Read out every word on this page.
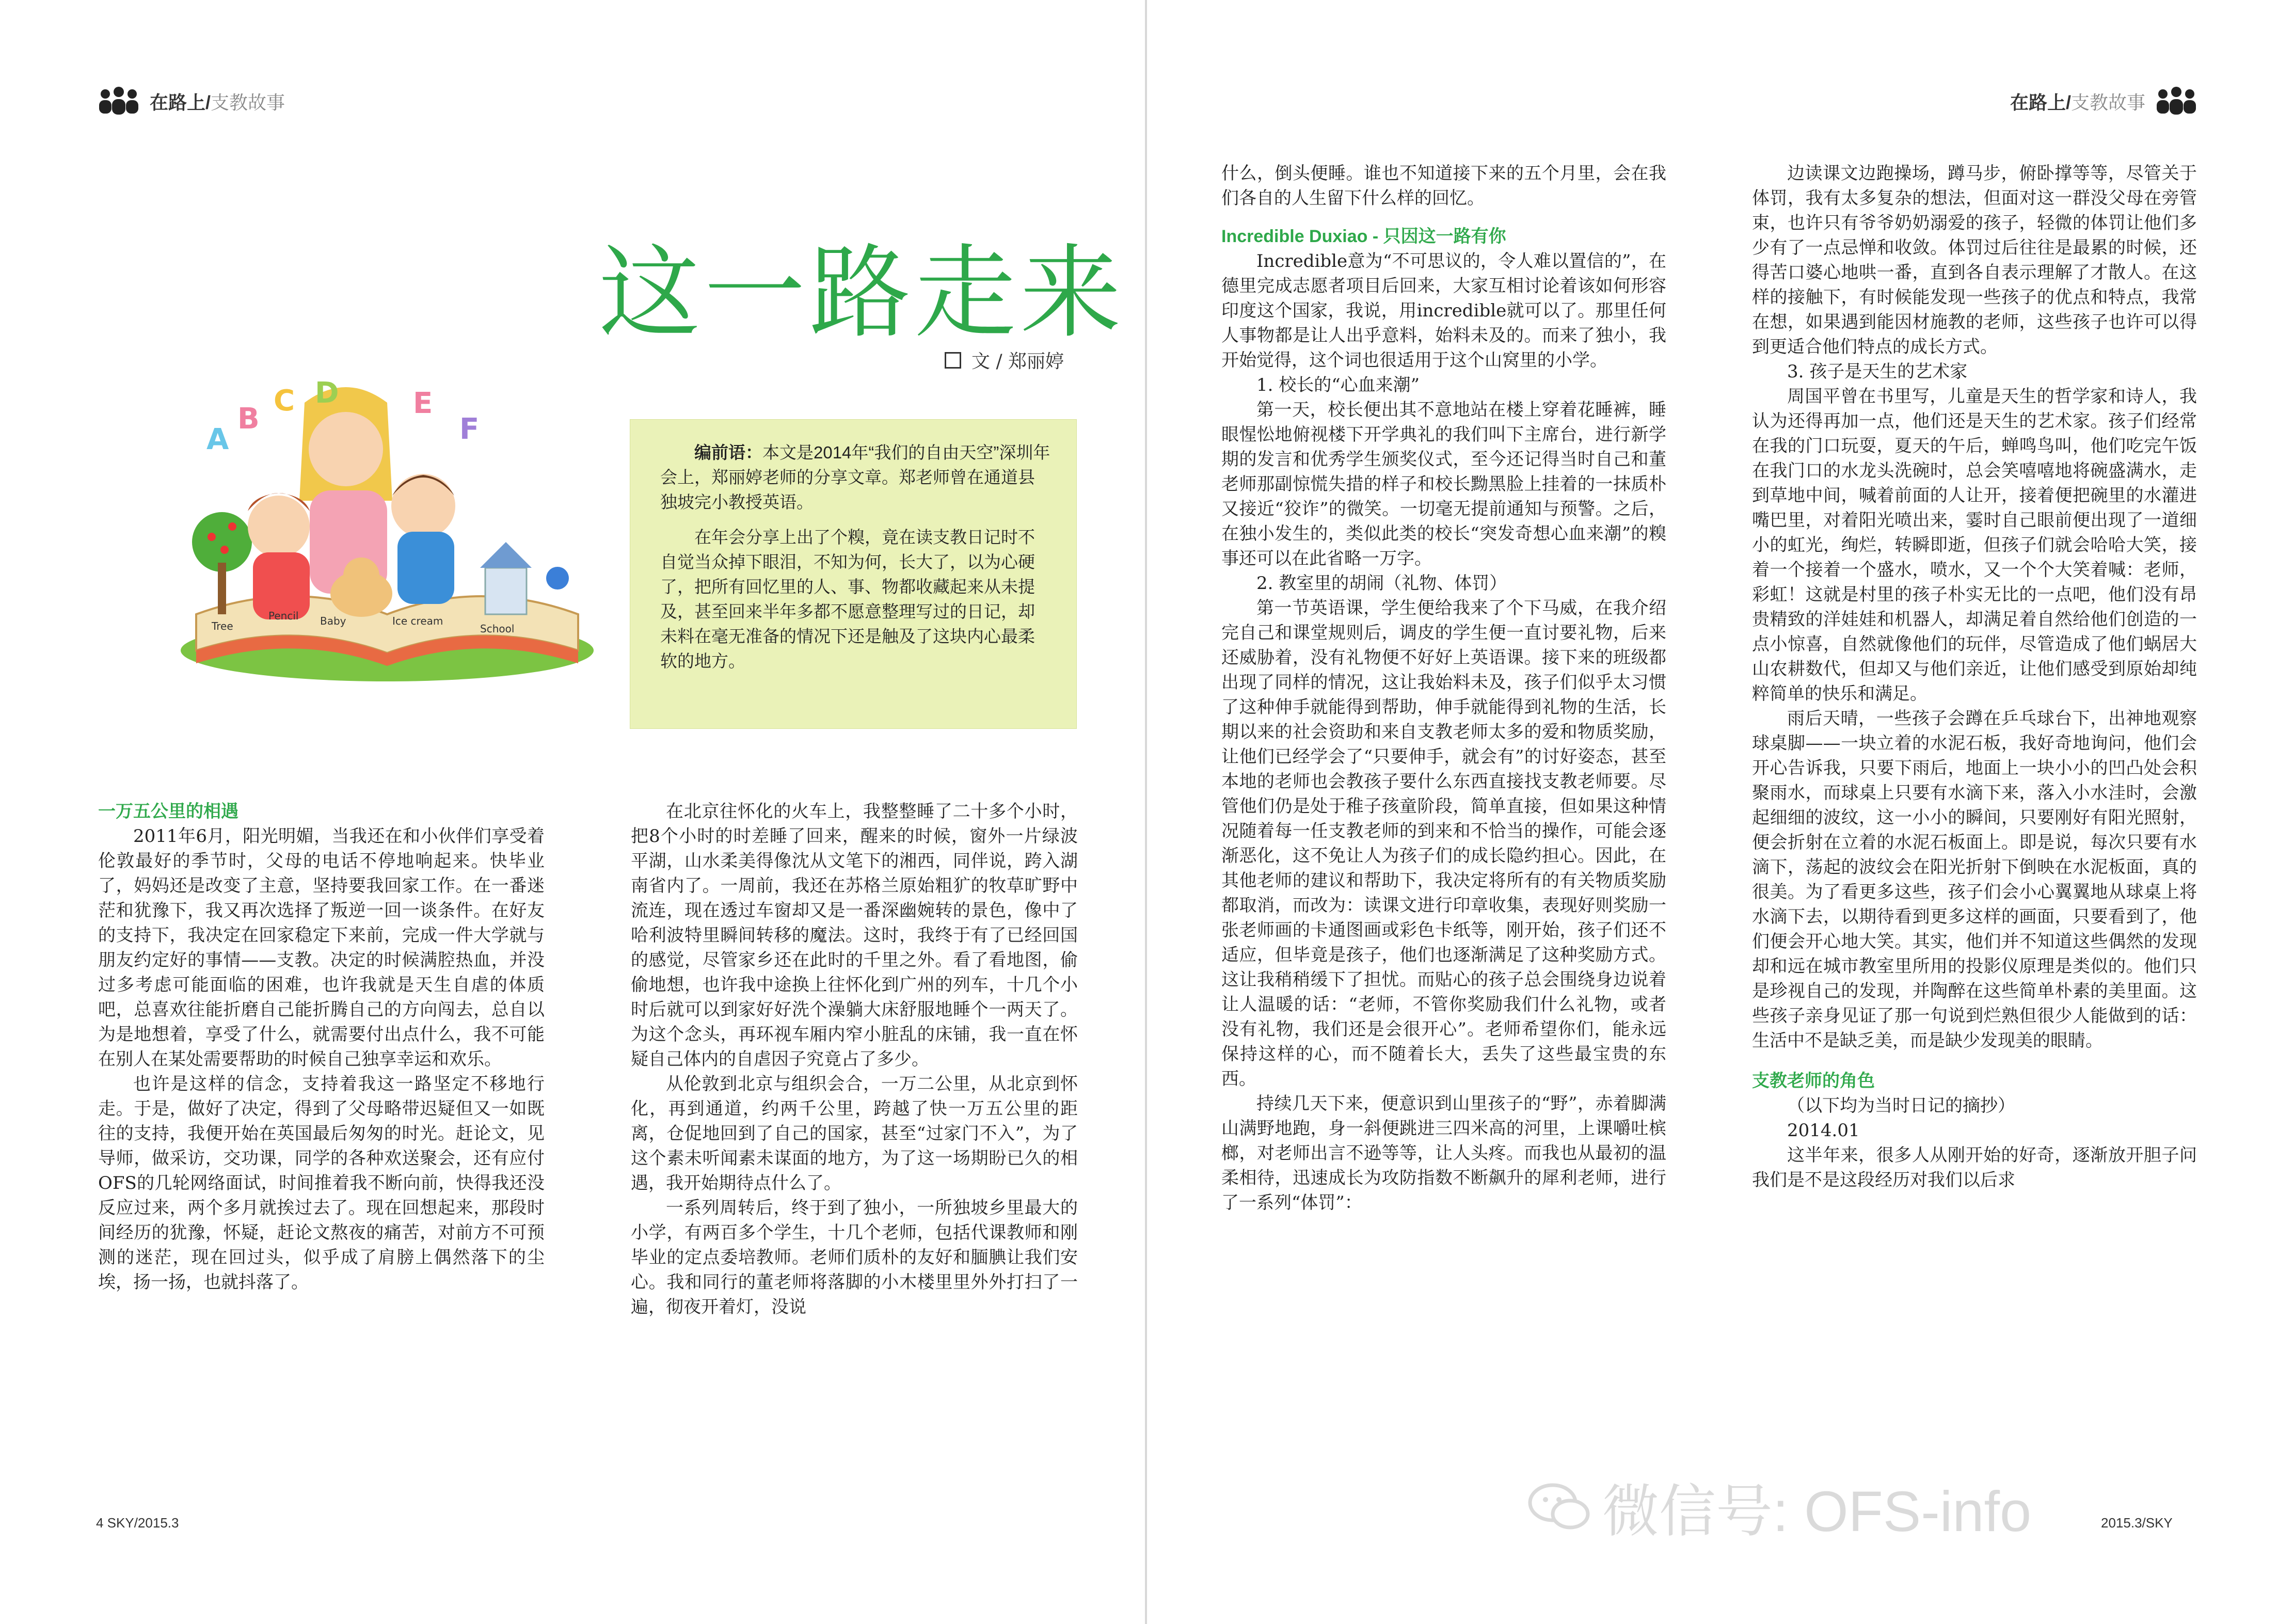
在路上/支教故事
这一路走来
文 / 郑丽婷
A
B
C D	E
F
Tree
Pencil Baby	Ice cream
School

编前语：本文是2014年“我们的自由天空”深圳年会上，郑丽婷老师的分享文章。郑老师曾在通道县独坡完小教授英语。

在年会分享上出了个糗，竟在读支教日记时不自觉当众掉下眼泪，不知为何，长大了，以为心硬了，把所有回忆里的人、事、物都收藏起来从未提及，甚至回来半年多都不愿意整理写过的日记，却未料在毫无准备的情况下还是触及了这块内心最柔软的地方。

一万五公里的相遇

2011年6月，阳光明媚，当我还在和小伙伴们享受着伦敦最好的季节时，父母的电话不停地响起来。快毕业了，妈妈还是改变了主意，坚持要我回家工作。在一番迷茫和犹豫下，我又再次选择了叛逆一回一谈条件。在好友的支持下，我决定在回家稳定下来前，完成一件大学就与朋友约定好的事情——支教。决定的时候满腔热血，并没过多考虑可能面临的困难，也许我就是天生自虐的体质吧，总喜欢往能折磨自己能折腾自己的方向闯去，总自以为是地想着，享受了什么，就需要付出点什么，我不可能在别人在某处需要帮助的时候自己独享幸运和欢乐。

也许是这样的信念，支持着我这一路坚定不移地行走。于是，做好了决定，得到了父母略带迟疑但又一如既往的支持，我便开始在英国最后匆匆的时光。赶论文，见导师，做采访，交功课，同学的各种欢送聚会，还有应付OFS的几轮网络面试，时间推着我不断向前，快得我还没反应过来，两个多月就挨过去了。现在回想起来，那段时间经历的犹豫，怀疑，赶论文熬夜的痛苦，对前方不可预测的迷茫，现在回过头，似乎成了肩膀上偶然落下的尘埃，扬一扬，也就抖落了。

在北京往怀化的火车上，我整整睡了二十多个小时，把8个小时的时差睡了回来，醒来的时候，窗外一片绿波平湖，山水柔美得像沈从文笔下的湘西，同伴说，跨入湖南省内了。一周前，我还在苏格兰原始粗犷的牧草旷野中流连，现在透过车窗却又是一番深幽婉转的景色，像中了哈利波特里瞬间转移的魔法。这时，我终于有了已经回国的感觉，尽管家乡还在此时的千里之外。看了看地图，偷偷地想，也许我中途换上往怀化到广州的列车，十几个小时后就可以到家好好洗个澡躺大床舒服地睡个一两天了。为这个念头，再环视车厢内窄小脏乱的床铺，我一直在怀疑自己体内的自虐因子究竟占了多少。

从伦敦到北京与组织会合，一万二公里，从北京到怀化，再到通道，约两千公里，跨越了快一万五公里的距离，仓促地回到了自己的国家，甚至“过家门不入”，为了这个素未听闻素未谋面的地方，为了这一场期盼已久的相遇，我开始期待点什么了。

一系列周转后，终于到了独小，一所独坡乡里最大的小学，有两百多个学生，十几个老师，包括代课教师和刚毕业的定点委培教师。老师们质朴的友好和腼腆让我们安心。我和同行的董老师将落脚的小木楼里里外外打扫了一遍，彻夜开着灯，没说

4 SKY/2015.3
在路上/支教故事

什么，倒头便睡。谁也不知道接下来的五个月里，会在我们各自的人生留下什么样的回忆。

Incredible Duxiao - 只因这一路有你

Incredible意为“不可思议的，令人难以置信的”，在德里完成志愿者项目后回来，大家互相讨论着该如何形容印度这个国家，我说，用incredible就可以了。那里任何人事物都是让人出乎意料，始料未及的。而来了独小，我开始觉得，这个词也很适用于这个山窝里的小学。

1. 校长的“心血来潮”

第一天，校长便出其不意地站在楼上穿着花睡裤，睡眼惺忪地俯视楼下开学典礼的我们叫下主席台，进行新学期的发言和优秀学生颁奖仪式，至今还记得当时自己和董老师那副惊慌失措的样子和校长黝黑脸上挂着的一抹质朴又接近“狡诈”的微笑。一切毫无提前通知与预警。之后，在独小发生的，类似此类的校长“突发奇想心血来潮”的糗事还可以在此省略一万字。

2. 教室里的胡闹（礼物、体罚）

第一节英语课，学生便给我来了个下马威，在我介绍完自己和课堂规则后，调皮的学生便一直讨要礼物，后来还威胁着，没有礼物便不好好上英语课。接下来的班级都出现了同样的情况，这让我始料未及，孩子们似乎太习惯了这种伸手就能得到帮助，伸手就能得到礼物的生活，长期以来的社会资助和来自支教老师太多的爱和物质奖励，让他们已经学会了“只要伸手，就会有”的讨好姿态，甚至本地的老师也会教孩子要什么东西直接找支教老师要。尽管他们仍是处于稚子孩童阶段，简单直接，但如果这种情况随着每一任支教老师的到来和不恰当的操作，可能会逐渐恶化，这不免让人为孩子们的成长隐约担心。因此，在其他老师的建议和帮助下，我决定将所有的有关物质奖励都取消，而改为：读课文进行印章收集，表现好则奖励一张老师画的卡通图画或彩色卡纸等，刚开始，孩子们还不适应，但毕竟是孩子，他们也逐渐满足了这种奖励方式。这让我稍稍缓下了担忧。而贴心的孩子总会围绕身边说着让人温暖的话：“老师，不管你奖励我们什么礼物，或者没有礼物，我们还是会很开心”。老师希望你们，能永远保持这样的心，而不随着长大，丢失了这些最宝贵的东西。

持续几天下来，便意识到山里孩子的“野”，赤着脚满山满野地跑，身一斜便跳进三四米高的河里，上课嚼吐槟榔，对老师出言不逊等等，让人头疼。而我也从最初的温柔相待，迅速成长为攻防指数不断飙升的犀利老师，进行了一系列“体罚”：

边读课文边跑操场，蹲马步，俯卧撑等等，尽管关于体罚，我有太多复杂的想法，但面对这一群没父母在旁管束，也许只有爷爷奶奶溺爱的孩子，轻微的体罚让他们多少有了一点忌惮和收敛。体罚过后往往是最累的时候，还得苦口婆心地哄一番，直到各自表示理解了才散人。在这样的接触下，有时候能发现一些孩子的优点和特点，我常在想，如果遇到能因材施教的老师，这些孩子也许可以得到更适合他们特点的成长方式。

3. 孩子是天生的艺术家

周国平曾在书里写，儿童是天生的哲学家和诗人，我认为还得再加一点，他们还是天生的艺术家。孩子们经常在我的门口玩耍，夏天的午后，蝉鸣鸟叫，他们吃完午饭在我门口的水龙头洗碗时，总会笑嘻嘻地将碗盛满水，走到草地中间，喊着前面的人让开，接着便把碗里的水灌进嘴巴里，对着阳光喷出来，霎时自己眼前便出现了一道细小的虹光，绚烂，转瞬即逝，但孩子们就会哈哈大笑，接着一个接着一个盛水，喷水，又一个个大笑着喊：老师，彩虹！这就是村里的孩子朴实无比的一点吧，他们没有昂贵精致的洋娃娃和机器人，却满足着自然给他们创造的一点小惊喜，自然就像他们的玩伴，尽管造成了他们蜗居大山农耕数代，但却又与他们亲近，让他们感受到原始却纯粹简单的快乐和满足。

雨后天晴，一些孩子会蹲在乒乓球台下，出神地观察球桌脚——一块立着的水泥石板，我好奇地询问，他们会开心告诉我，只要下雨后，地面上一块小小的凹凸处会积聚雨水，而球桌上只要有水滴下来，落入小水洼时，会激起细细的波纹，这一小小的瞬间，只要刚好有阳光照射，便会折射在立着的水泥石板面上。即是说，每次只要有水滴下，荡起的波纹会在阳光折射下倒映在水泥板面，真的很美。为了看更多这些，孩子们会小心翼翼地从球桌上将水滴下去，以期待看到更多这样的画面，只要看到了，他们便会开心地大笑。其实，他们并不知道这些偶然的发现却和远在城市教室里所用的投影仪原理是类似的。他们只是珍视自己的发现，并陶醉在这些简单朴素的美里面。这些孩子亲身见证了那一句说到烂熟但很少人能做到的话：生活中不是缺乏美，而是缺少发现美的眼睛。

支教老师的角色

（以下均为当时日记的摘抄）

2014.01

这半年来，很多人从刚开始的好奇，逐渐放开胆子问我们是不是这段经历对我们以后求

2015.3/SKY
微信号: OFS-info
